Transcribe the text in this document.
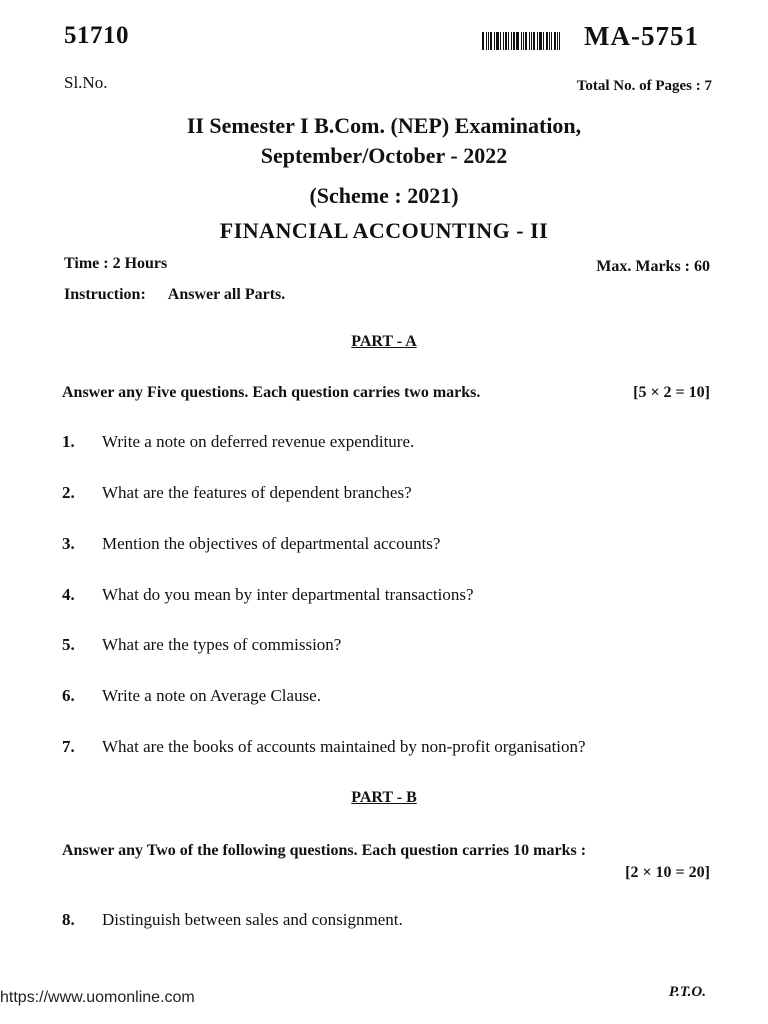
51710	MA-5751
Sl.No.	Total No. of Pages : 7
II Semester I B.Com. (NEP) Examination,
September/October - 2022
(Scheme : 2021)
FINANCIAL ACCOUNTING - II
Time : 2 Hours	Max. Marks : 60
Instruction: Answer all Parts.
PART - A
Answer any Five questions. Each question carries two marks.	[5 × 2 = 10]
1.	Write a note on deferred revenue expenditure.
2.	What are the features of dependent branches?
3.	Mention the objectives of departmental accounts?
4.	What do you mean by inter departmental transactions?
5.	What are the types of commission?
6.	Write a note on Average Clause.
7.	What are the books of accounts maintained by non-profit organisation?
PART - B
Answer any Two of the following questions. Each question carries 10 marks :
[2 × 10 = 20]
8.	Distinguish between sales and consignment.
https://www.uomonline.com	P.T.O.
